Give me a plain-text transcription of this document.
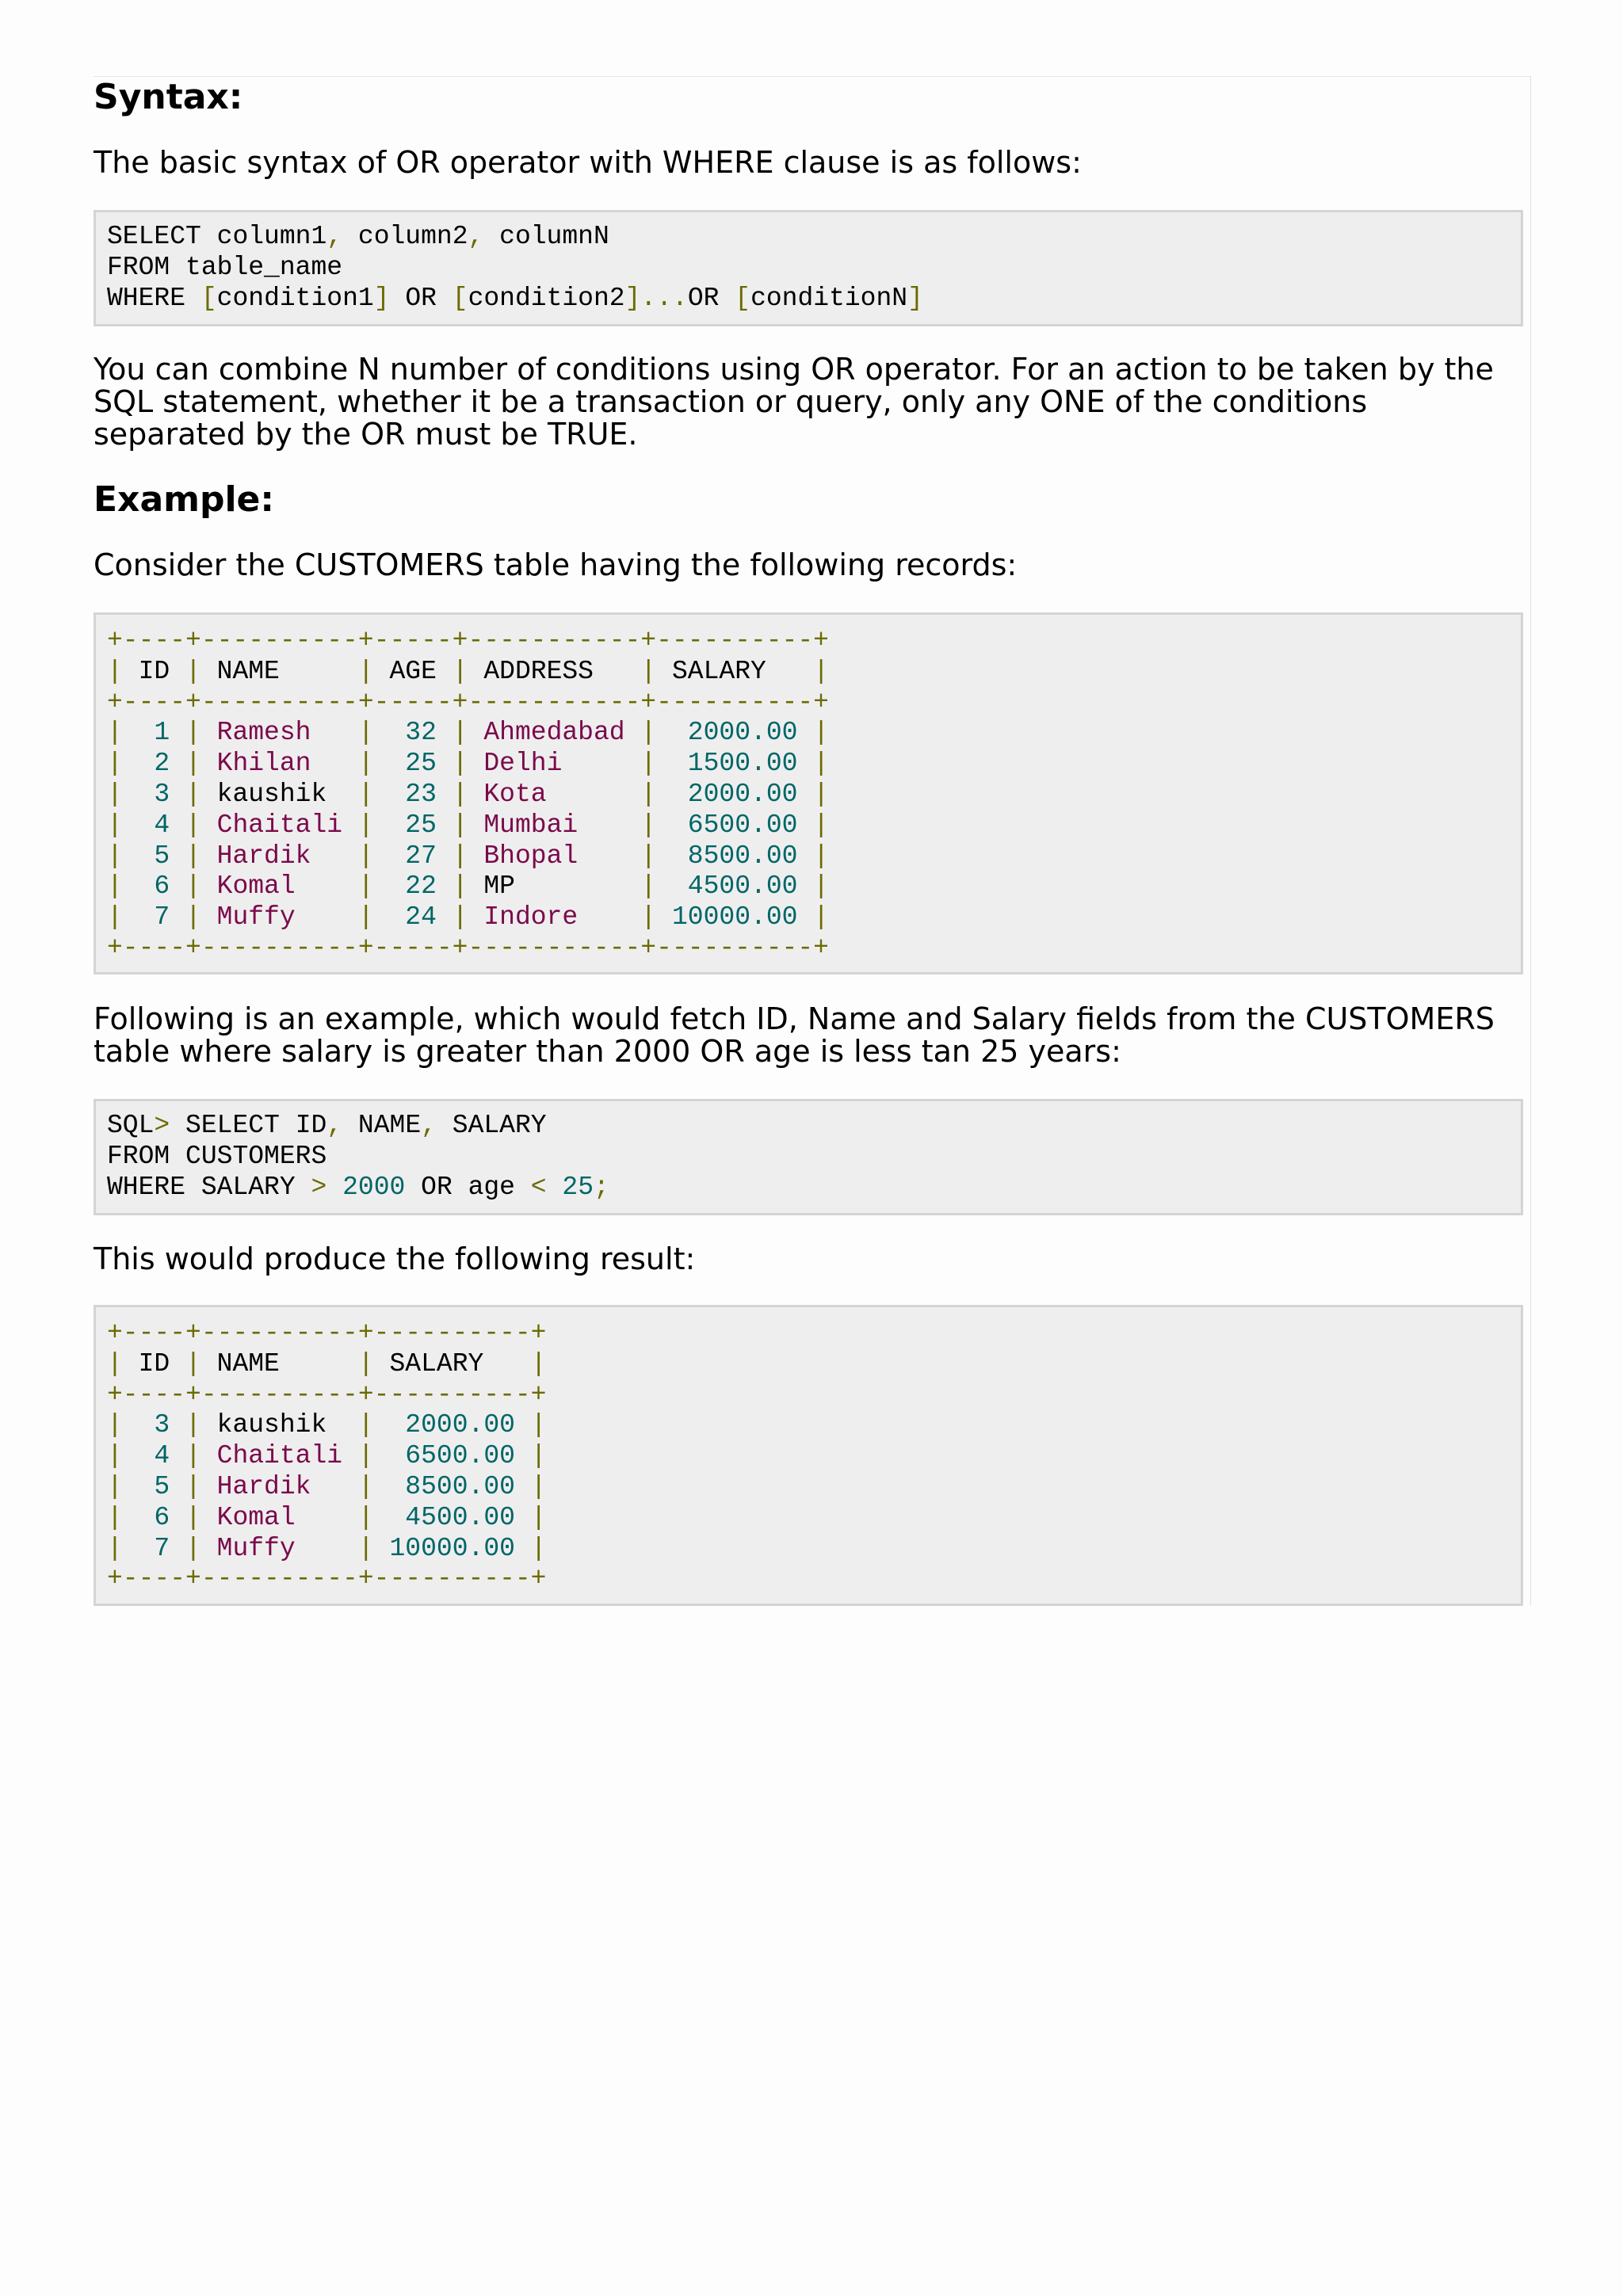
Syntax:
The basic syntax of OR operator with WHERE clause is as follows:
SELECT column1, column2, columnN
FROM table_name
WHERE [condition1] OR [condition2]...OR [conditionN]
You can combine N number of conditions using OR operator. For an action to be taken by the SQL statement, whether it be a transaction or query, only any ONE of the conditions separated by the OR must be TRUE.
Example:
Consider the CUSTOMERS table having the following records:
+----+----------+-----+-----------+----------+
| ID | NAME     | AGE | ADDRESS   | SALARY   |
+----+----------+-----+-----------+----------+
|  1 | Ramesh   |  32 | Ahmedabad |  2000.00 |
|  2 | Khilan   |  25 | Delhi     |  1500.00 |
|  3 | kaushik  |  23 | Kota      |  2000.00 |
|  4 | Chaitali |  25 | Mumbai    |  6500.00 |
|  5 | Hardik   |  27 | Bhopal    |  8500.00 |
|  6 | Komal    |  22 | MP        |  4500.00 |
|  7 | Muffy    |  24 | Indore    | 10000.00 |
+----+----------+-----+-----------+----------+
Following is an example, which would fetch ID, Name and Salary fields from the CUSTOMERS table where salary is greater than 2000 OR age is less tan 25 years:
SQL> SELECT ID, NAME, SALARY
FROM CUSTOMERS
WHERE SALARY > 2000 OR age < 25;
This would produce the following result:
+----+----------+----------+
| ID | NAME     | SALARY   |
+----+----------+----------+
|  3 | kaushik  |  2000.00 |
|  4 | Chaitali |  6500.00 |
|  5 | Hardik   |  8500.00 |
|  6 | Komal    |  4500.00 |
|  7 | Muffy    | 10000.00 |
+----+----------+----------+
